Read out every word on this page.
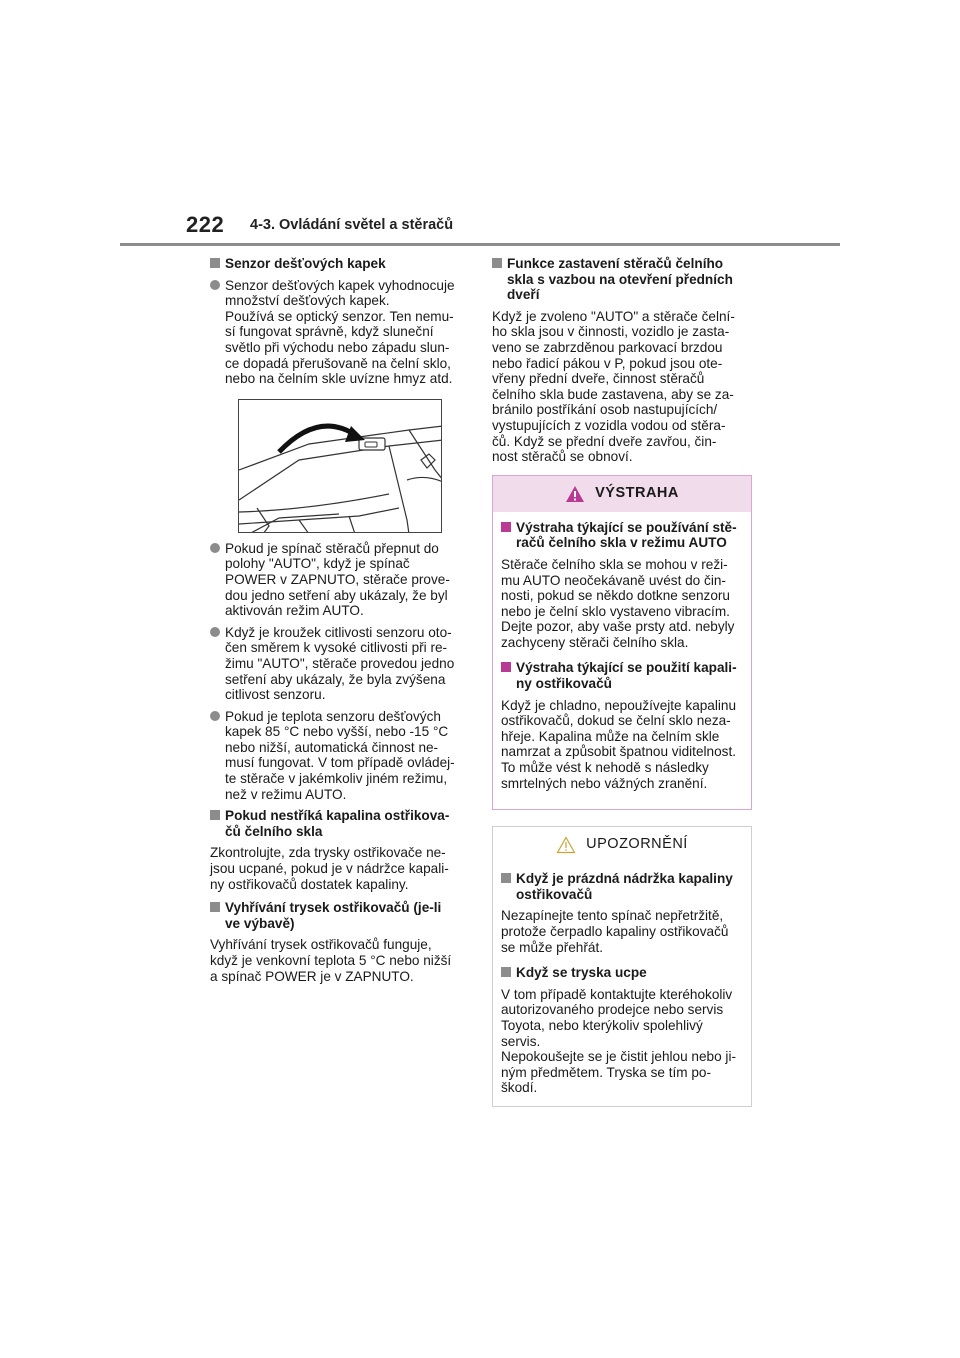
222 4-3. Ovládání světel a stěračů
Senzor dešťových kapek
Senzor dešťových kapek vyhodnocuje
množství dešťových kapek.
Používá se optický senzor. Ten nemu-
sí fungovat správně, když sluneční
světlo při východu nebo západu slun-
ce dopadá přerušovaně na čelní sklo,
nebo na čelním skle uvízne hmyz atd.
Pokud je spínač stěračů přepnut do
polohy "AUTO", když je spínač
POWER v ZAPNUTO, stěrače prove-
dou jedno setření aby ukázaly, že byl
aktivován režim AUTO.
Když je kroužek citlivosti senzoru oto-
čen směrem k vysoké citlivosti při re-
žimu "AUTO", stěrače provedou jedno
setření aby ukázaly, že byla zvýšena
citlivost senzoru.
Pokud je teplota senzoru dešťových
kapek 85 °C nebo vyšší, nebo -15 °C
nebo nižší, automatická činnost ne-
musí fungovat. V tom případě ovládej-
te stěrače v jakémkoliv jiném režimu,
než v režimu AUTO.
Pokud nestříká kapalina ostřikova-
čů čelního skla
Zkontrolujte, zda trysky ostřikovače ne-
jsou ucpané, pokud je v nádržce kapali-
ny ostřikovačů dostatek kapaliny.
Vyhřívání trysek ostřikovačů (je-li
ve výbavě)
Vyhřívání trysek ostřikovačů funguje,
když je venkovní teplota 5 °C nebo nižší
a spínač POWER je v ZAPNUTO.
Funkce zastavení stěračů čelního
skla s vazbou na otevření předních
dveří
Když je zvoleno "AUTO" a stěrače čelní-
ho skla jsou v činnosti, vozidlo je zasta-
veno se zabrzděnou parkovací brzdou
nebo řadicí pákou v P, pokud jsou ote-
vřeny přední dveře, činnost stěračů
čelního skla bude zastavena, aby se za-
bránilo postříkání osob nastupujících/
vystupujících z vozidla vodou od stěra-
čů. Když se přední dveře zavřou, čin-
nost stěračů se obnoví.
VÝSTRAHA
Výstraha týkající se používání stě-
račů čelního skla v režimu AUTO
Stěrače čelního skla se mohou v reži-
mu AUTO neočekávaně uvést do čin-
nosti, pokud se někdo dotkne senzoru
nebo je čelní sklo vystaveno vibracím.
Dejte pozor, aby vaše prsty atd. nebyly
zachyceny stěrači čelního skla.
Výstraha týkající se použití kapali-
ny ostřikovačů
Když je chladno, nepoužívejte kapalinu
ostřikovačů, dokud se čelní sklo neza-
hřeje. Kapalina může na čelním skle
namrzat a způsobit špatnou viditelnost.
To může vést k nehodě s následky
smrtelných nebo vážných zranění.
UPOZORNĚNÍ
Když je prázdná nádržka kapaliny
ostřikovačů
Nezapínejte tento spínač nepřetržitě,
protože čerpadlo kapaliny ostřikovačů
se může přehřát.
Když se tryska ucpe
V tom případě kontaktujte kteréhokoliv
autorizovaného prodejce nebo servis
Toyota, nebo kterýkoliv spolehlivý servis.
Nepokoušejte se je čistit jehlou nebo ji-
ným předmětem. Tryska se tím po-
škodí.
